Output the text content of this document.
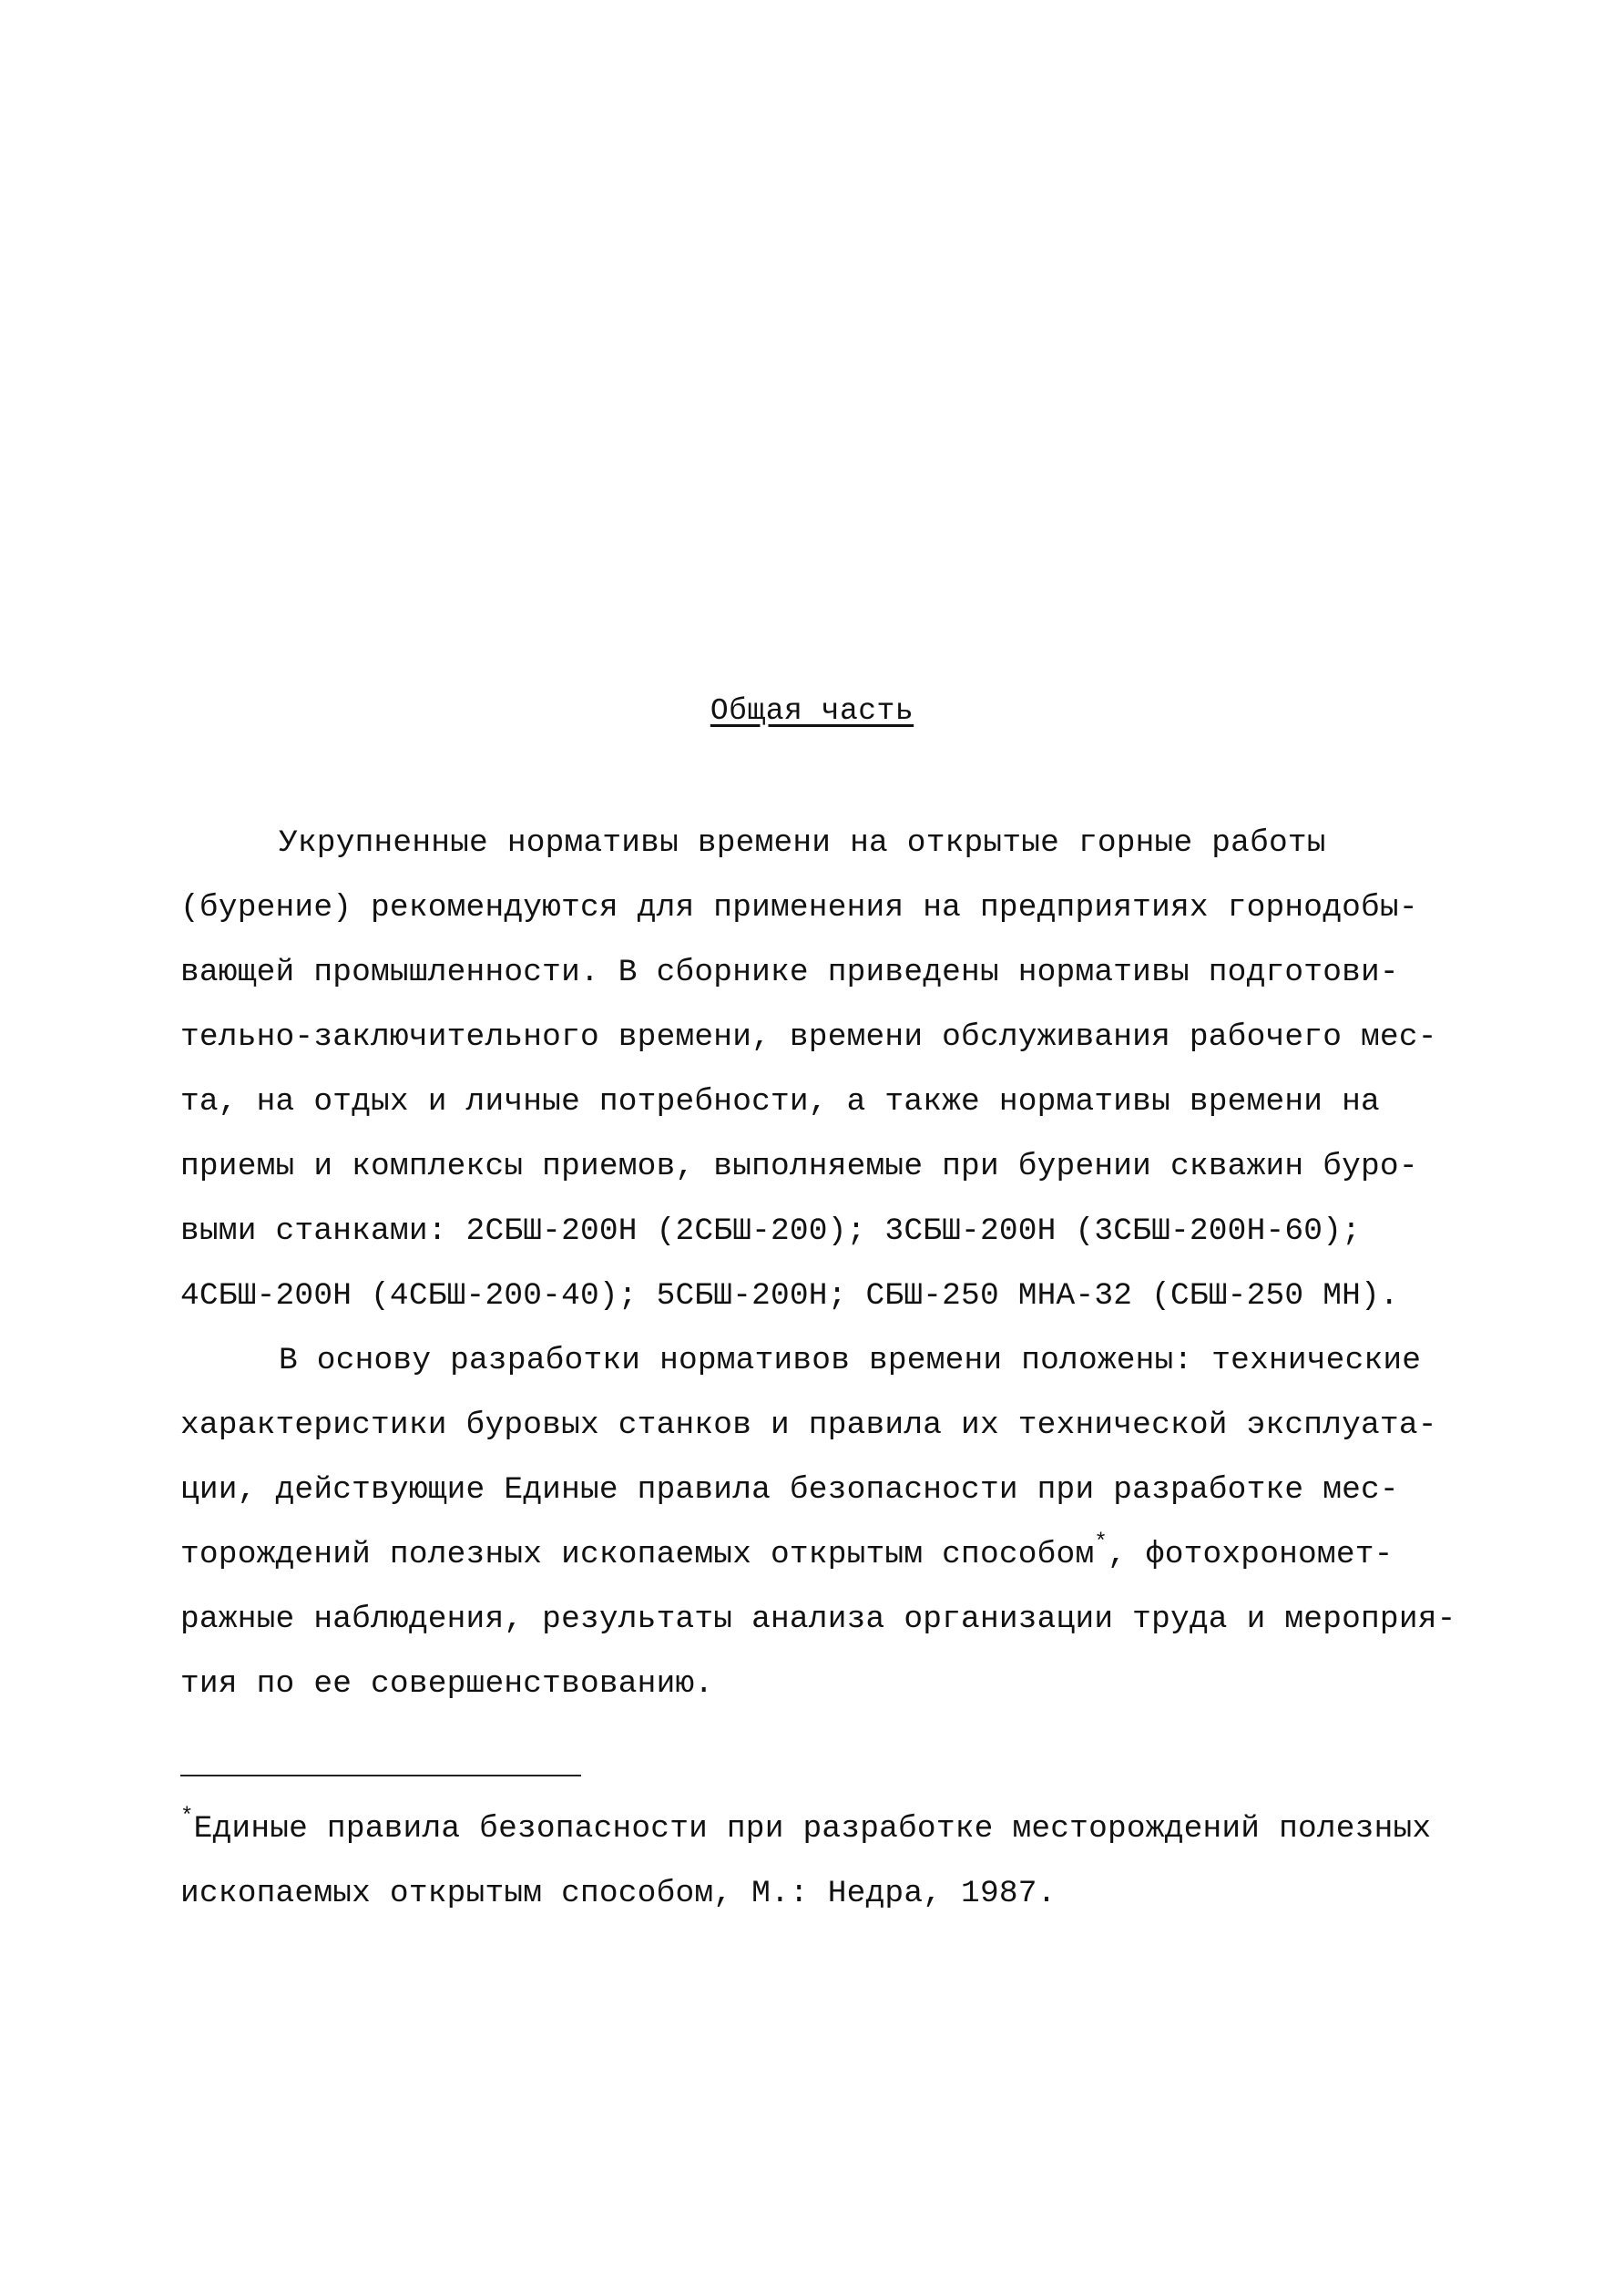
Общая часть
Укрупненные нормативы времени на открытые горные работы
(бурение) рекомендуются для применения на предприятиях горнодобы-
вающей промышленности. В сборнике приведены нормативы подготови-
тельно-заключительного времени, времени обслуживания рабочего мес-
та, на отдых и личные потребности, а также нормативы времени на
приемы и комплексы приемов, выполняемые при бурении скважин буро-
выми станками: 2СБШ-200Н (2СБШ-200); 3СБШ-200Н (3СБШ-200Н-60);
4СБШ-200Н (4СБШ-200-40); 5СБШ-200Н; СБШ-250 МНА-32 (СБШ-250 МН).
В основу разработки нормативов времени положены: технические
характеристики буровых станков и правила их технической эксплуата-
ции, действующие Единые правила безопасности при разработке мес-
торождений полезных ископаемых открытым способом*, фотохрономет-
ражные наблюдения, результаты анализа организации труда и мероприя-
тия по ее совершенствованию.
*Единые правила безопасности при разработке месторождений полезных
ископаемых открытым способом, М.: Недра, 1987.
